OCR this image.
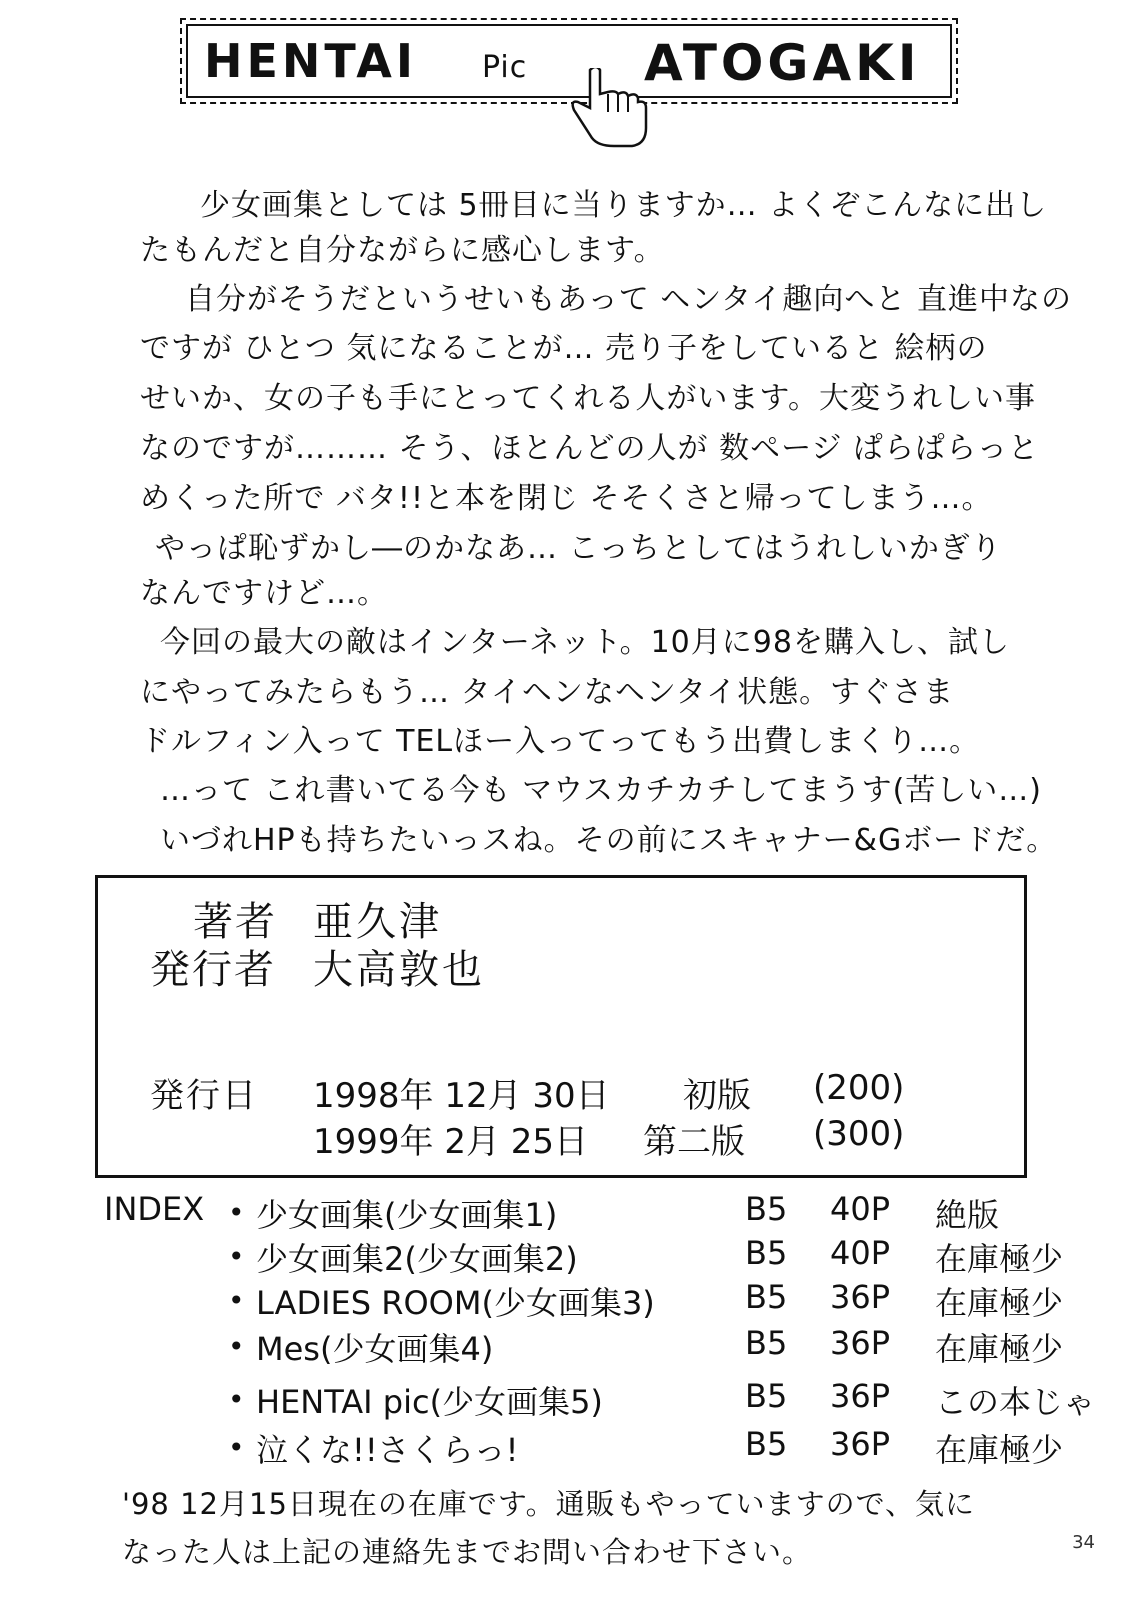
HENTAI Pic ATOGAKI
少女画集としては 5冊目に当りますか… よくぞこんなに出し
たもんだと自分ながらに感心します。
自分がそうだというせいもあって ヘンタイ趣向へと 直進中なの
ですが ひとつ 気になることが… 売り子をしていると 絵柄の
せいか、女の子も手にとってくれる人がいます。大変うれしい事
なのですが……… そう、ほとんどの人が 数ページ ぱらぱらっと
めくった所で バタ!!と本を閉じ そそくさと帰ってしまう…。
やっぱ恥ずかし―のかなあ… こっちとしてはうれしいかぎり
なんですけど…。
今回の最大の敵はインターネット。10月に98を購入し、試し
にやってみたらもう… タイヘンなヘンタイ状態。すぐさま
ドルフィン入って TELほー入ってってもう出費しまくり…。
…って これ書いてる今も マウスカチカチしてまうす(苦しい…)
いづれHPも持ちたいっスね。その前にスキャナー&Gボードだ。
著者 亜久津
発行者 大高敦也
発行日 1998年 12月 30日 初版 (200)
1999年 2月 25日 第二版 (300)
INDEX • 少女画集(少女画集1)	B5 40P 絶版
• 少女画集2(少女画集2)	B5 40P 在庫極少
• LADIES ROOM(少女画集3)	B5 36P 在庫極少
• Mes(少女画集4)	B5 36P 在庫極少
• HENTAI pic(少女画集5)	B5 36P この本じゃ
• 泣くな!!さくらっ!	B5 36P 在庫極少
'98 12月15日現在の在庫です。通販もやっていますので、気に
なった人は上記の連絡先までお問い合わせ下さい。	34
